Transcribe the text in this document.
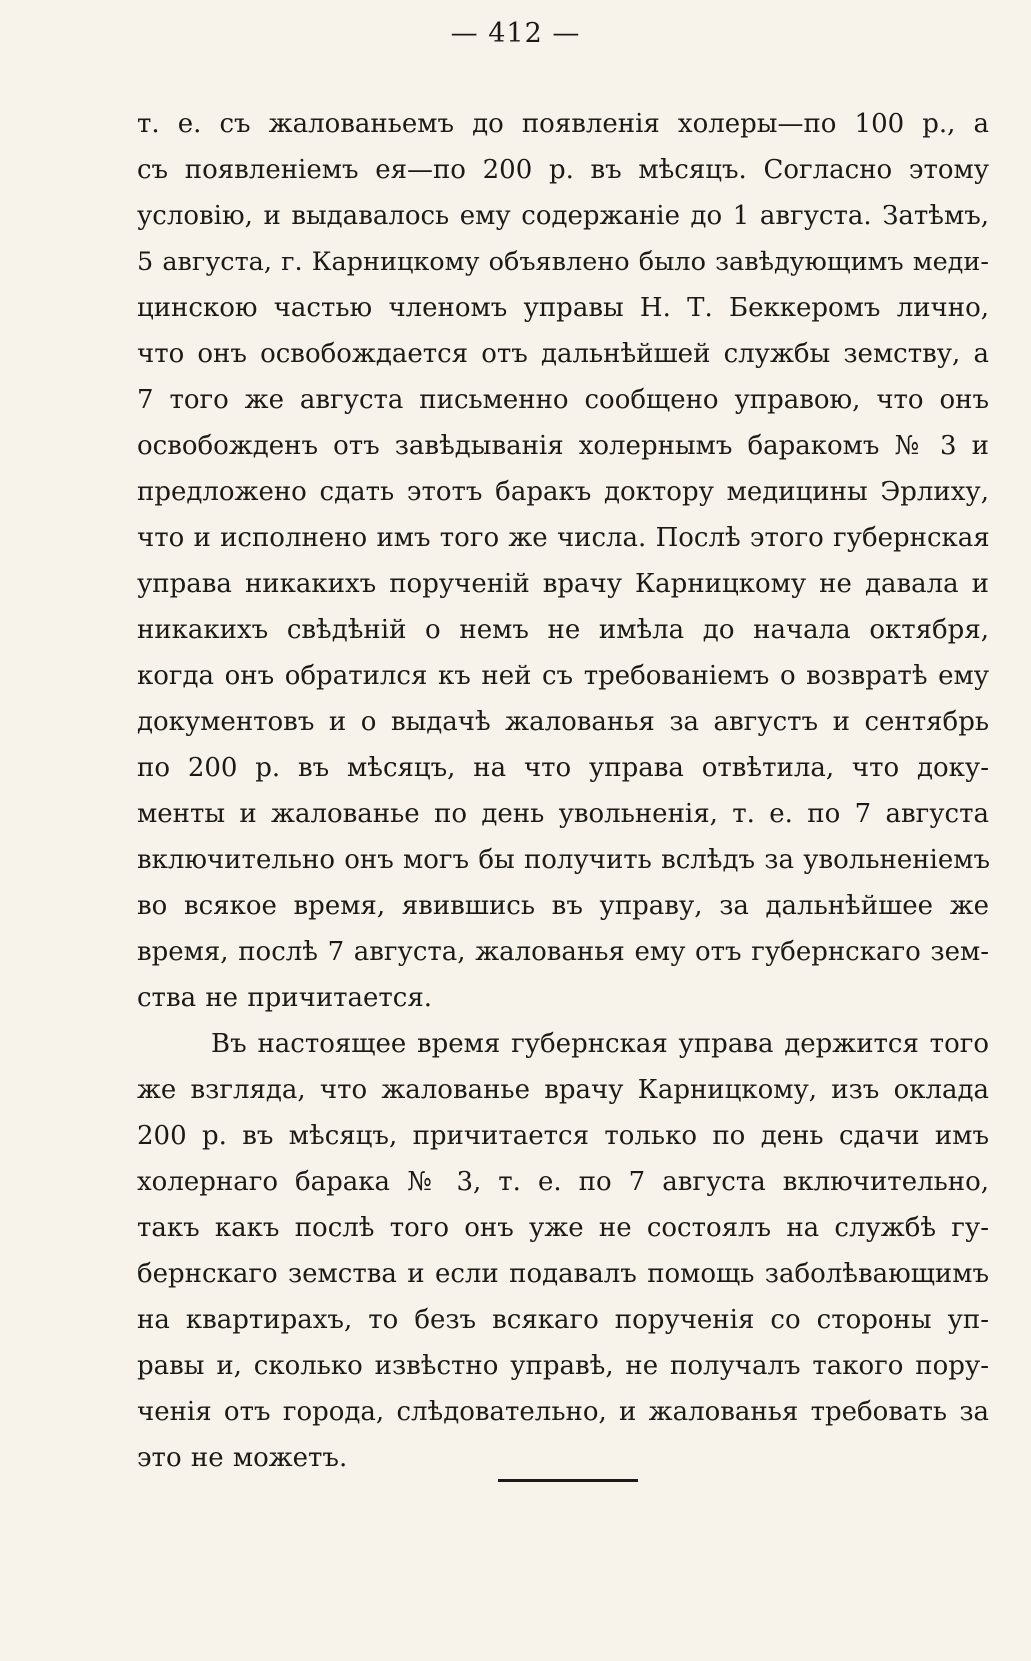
— 412 —
т. е. съ жалованьемъ до появленія холеры—по 100 р., а
съ появленіемъ ея—по 200 р. въ мѣсяцъ. Согласно этому
условію, и выдавалось ему содержаніе до 1 августа. Затѣмъ,
5 августа, г. Карницкому объявлено было завѣдующимъ меди-
цинскою частью членомъ управы Н. Т. Беккеромъ лично,
что онъ освобождается отъ дальнѣйшей службы земству, а
7 того же августа письменно сообщено управою, что онъ
освобожденъ отъ завѣдыванія холернымъ баракомъ № 3 и
предложено сдать этотъ баракъ доктору медицины Эрлиху,
что и исполнено имъ того же числа. Послѣ этого губернская
управа никакихъ порученій врачу Карницкому не давала и
никакихъ свѣдѣній о немъ не имѣла до начала октября,
когда онъ обратился къ ней съ требованіемъ о возвратѣ ему
документовъ и о выдачѣ жалованья за августъ и сентябрь
по 200 р. въ мѣсяцъ, на что управа отвѣтила, что доку-
менты и жалованье по день увольненія, т. е. по 7 августа
включительно онъ могъ бы получить вслѣдъ за увольненіемъ
во всякое время, явившись въ управу, за дальнѣйшее же
время, послѣ 7 августа, жалованья ему отъ губернскаго зем-
ства не причитается.
Въ настоящее время губернская управа держится того
же взгляда, что жалованье врачу Карницкому, изъ оклада
200 р. въ мѣсяцъ, причитается только по день сдачи имъ
холернаго барака № 3, т. е. по 7 августа включительно,
такъ какъ послѣ того онъ уже не состоялъ на службѣ гу-
бернскаго земства и если подавалъ помощь заболѣвающимъ
на квартирахъ, то безъ всякаго порученія со стороны уп-
равы и, сколько извѣстно управѣ, не получалъ такого пору-
ченія отъ города, слѣдовательно, и жалованья требовать за
это не можетъ.
